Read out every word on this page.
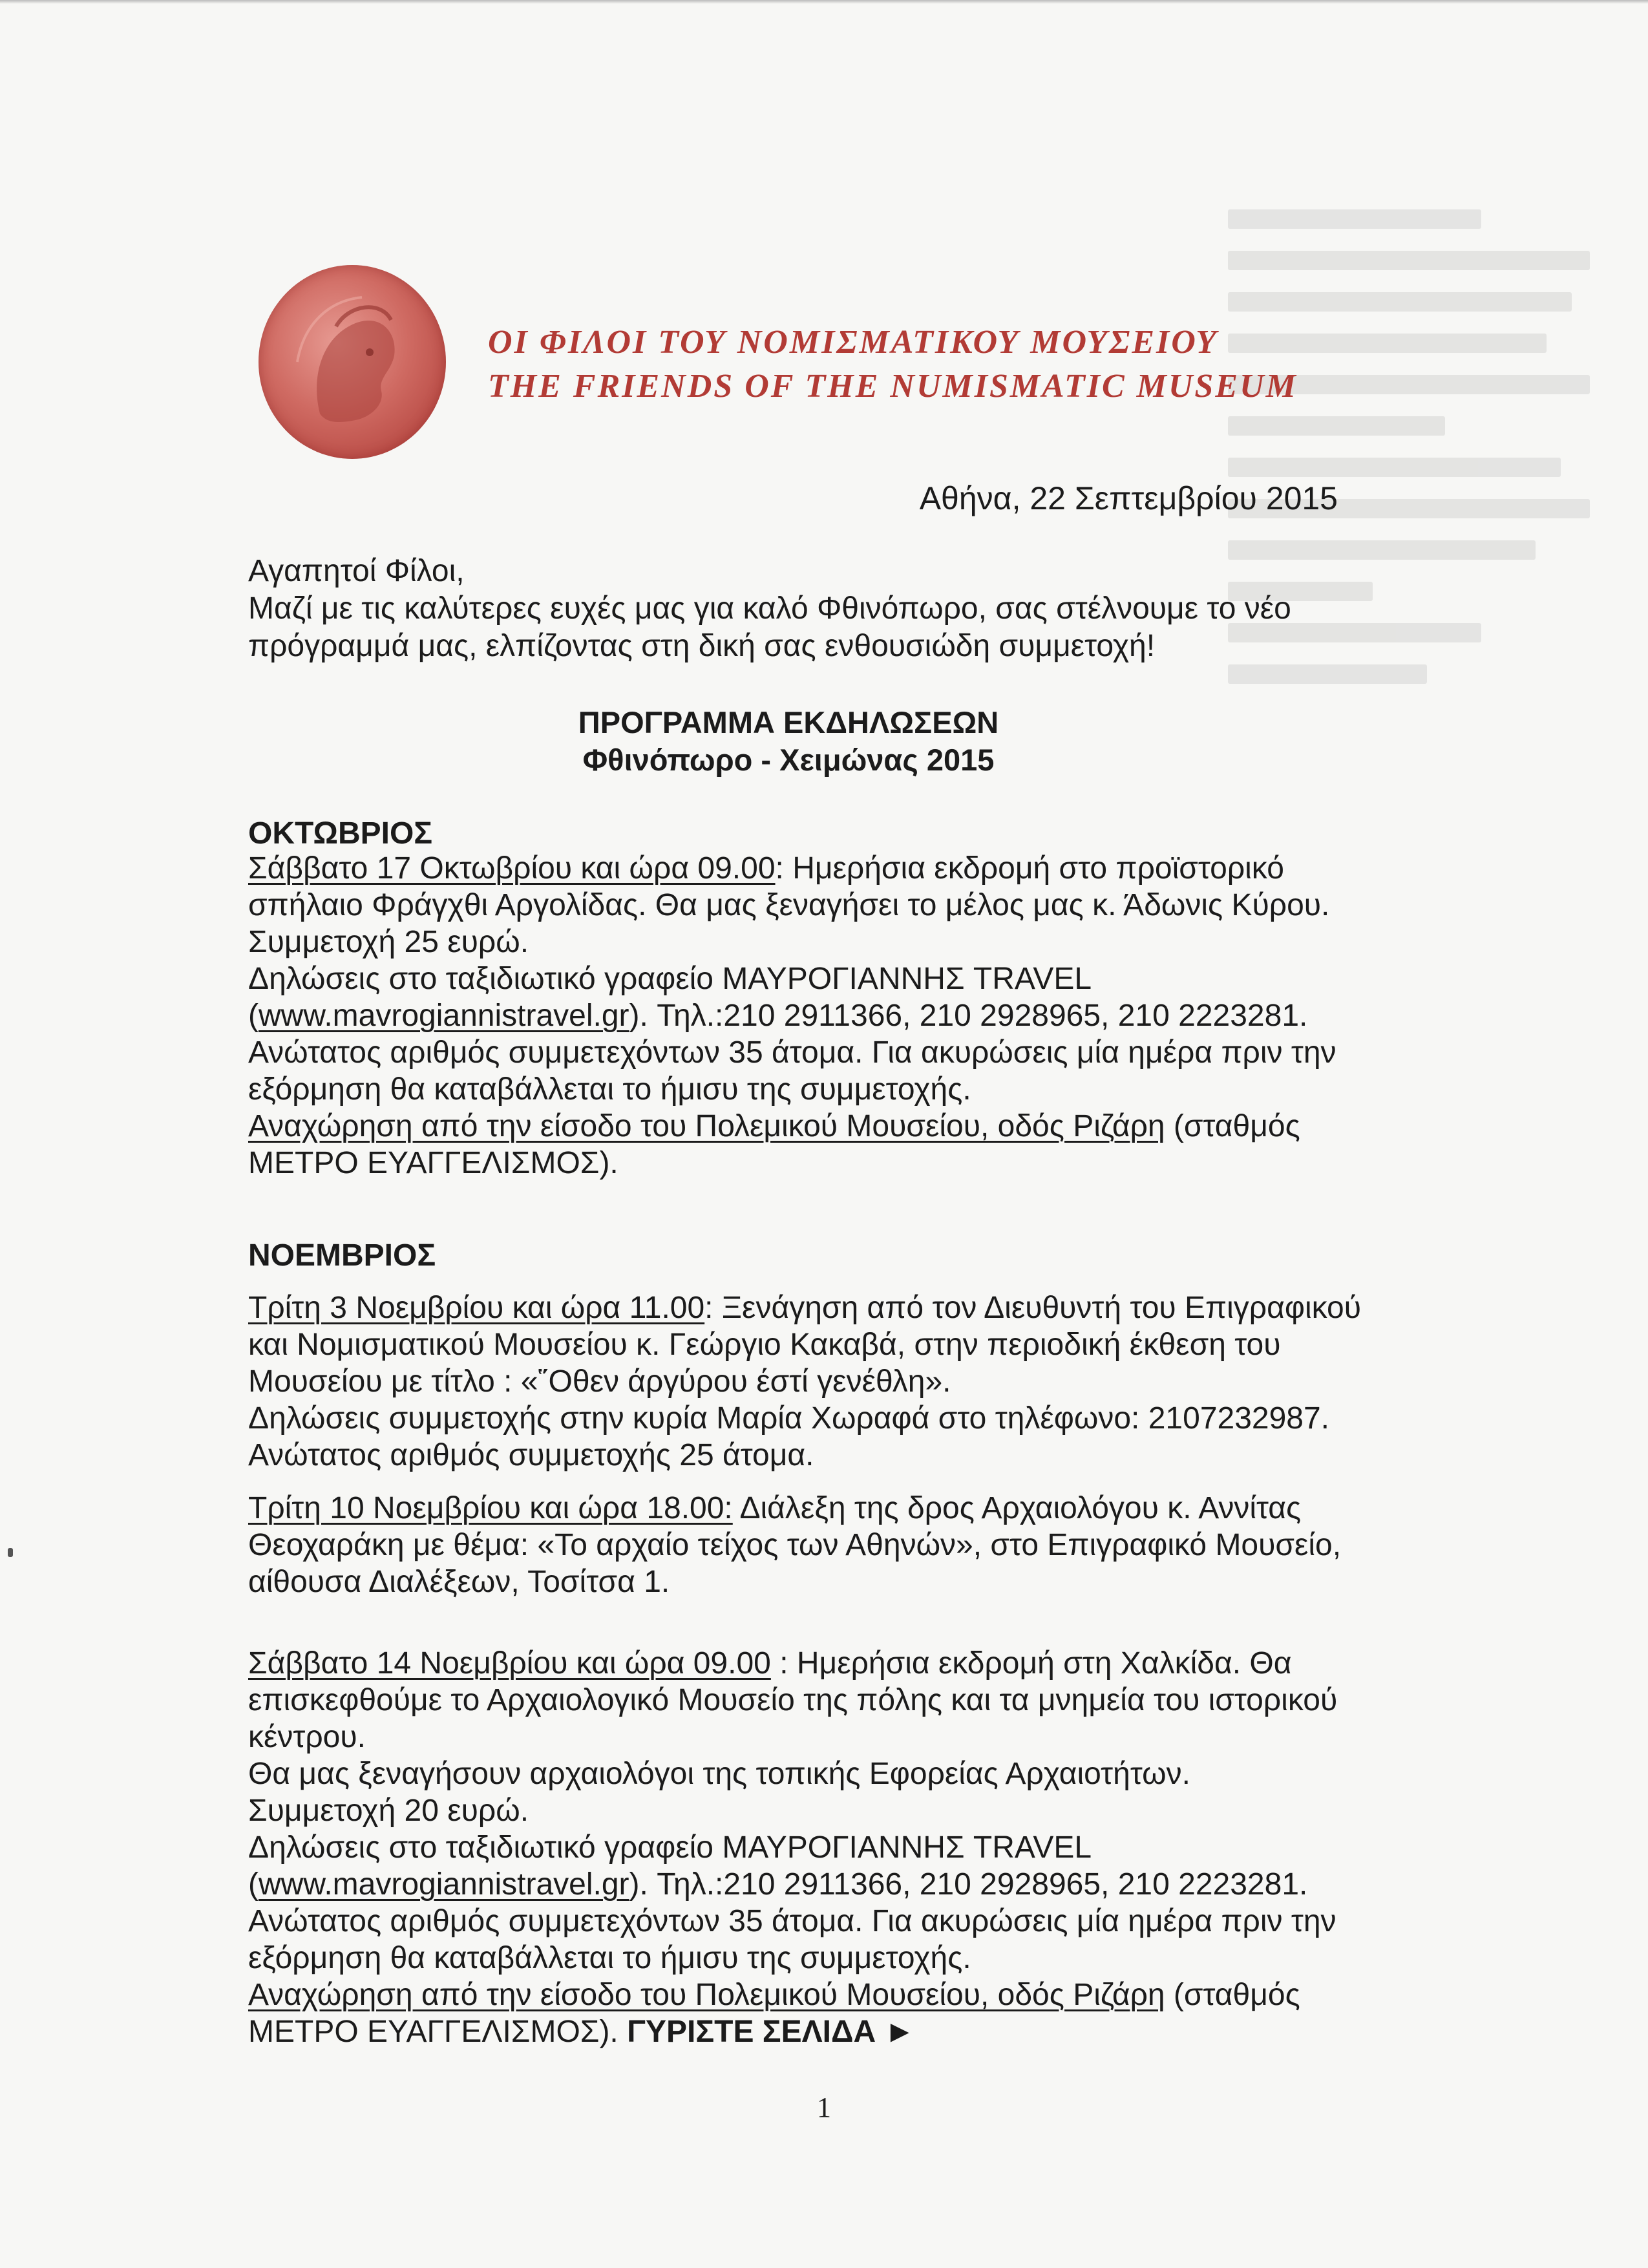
ΟΙ ΦΙΛΟΙ ΤΟΥ ΝΟΜΙΣΜΑΤΙΚΟΥ ΜΟΥΣΕΙΟΥ
THE FRIENDS OF THE NUMISMATIC MUSEUM
Αθήνα, 22 Σεπτεμβρίου 2015

Αγαπητοί Φίλοι,

Μαζί με τις καλύτερες ευχές μας για καλό Φθινόπωρο, σας στέλνουμε το νέο πρόγραμμά μας, ελπίζοντας στη δική σας ενθουσιώδη συμμετοχή!

ΠΡΟΓΡΑΜΜΑ ΕΚΔΗΛΩΣΕΩΝ
Φθινόπωρο - Χειμώνας 2015
ΟΚΤΩΒΡΙΟΣ
Σάββατο 17 Οκτωβρίου και ώρα 09.00: Ημερήσια εκδρομή στο προϊστορικό σπήλαιο Φράγχθι Αργολίδας. Θα μας ξεναγήσει το μέλος μας κ. Άδωνις Κύρου.
Συμμετοχή 25 ευρώ.
Δηλώσεις στο ταξιδιωτικό γραφείο ΜΑΥΡΟΓΙΑΝΝΗΣ TRAVEL
(www.mavrogiannistravel.gr). Τηλ.:210 2911366, 210 2928965, 210 2223281.
Ανώτατος αριθμός συμμετεχόντων 35 άτομα. Για ακυρώσεις μία ημέρα πριν την εξόρμηση θα καταβάλλεται το ήμισυ της συμμετοχής.
Αναχώρηση από την είσοδο του Πολεμικού Μουσείου, οδός Ριζάρη (σταθμός ΜΕΤΡΟ ΕΥΑΓΓΕΛΙΣΜΟΣ).
ΝΟΕΜΒΡΙΟΣ
Τρίτη 3 Νοεμβρίου και ώρα 11.00: Ξενάγηση από τον Διευθυντή του Επιγραφικού και Νομισματικού Μουσείου κ. Γεώργιο Κακαβά, στην περιοδική έκθεση του Μουσείου με τίτλο : «῞Οθεν άργύρου έστί γενέθλη».
Δηλώσεις συμμετοχής στην κυρία Μαρία Χωραφά στο τηλέφωνο: 2107232987. Ανώτατος αριθμός συμμετοχής 25 άτομα.
Τρίτη 10 Νοεμβρίου και ώρα 18.00: Διάλεξη της δρος Αρχαιολόγου κ. Αννίτας Θεοχαράκη με θέμα: «Το αρχαίο τείχος των Αθηνών», στο Επιγραφικό Μουσείο, αίθουσα Διαλέξεων, Τοσίτσα 1.
Σάββατο 14 Νοεμβρίου και ώρα 09.00 : Ημερήσια εκδρομή στη Χαλκίδα. Θα επισκεφθούμε το Αρχαιολογικό Μουσείο της πόλης και τα μνημεία του ιστορικού κέντρου.
Θα μας ξεναγήσουν αρχαιολόγοι της τοπικής Εφορείας Αρχαιοτήτων.
Συμμετοχή 20 ευρώ.
Δηλώσεις στο ταξιδιωτικό γραφείο ΜΑΥΡΟΓΙΑΝΝΗΣ TRAVEL
(www.mavrogiannistravel.gr). Τηλ.:210 2911366, 210 2928965, 210 2223281.
Ανώτατος αριθμός συμμετεχόντων 35 άτομα. Για ακυρώσεις μία ημέρα πριν την εξόρμηση θα καταβάλλεται το ήμισυ της συμμετοχής.
Αναχώρηση από την είσοδο του Πολεμικού Μουσείου, οδός Ριζάρη (σταθμός ΜΕΤΡΟ ΕΥΑΓΓΕΛΙΣΜΟΣ). ΓΥΡΙΣΤΕ ΣΕΛΙΔΑ ►
1
